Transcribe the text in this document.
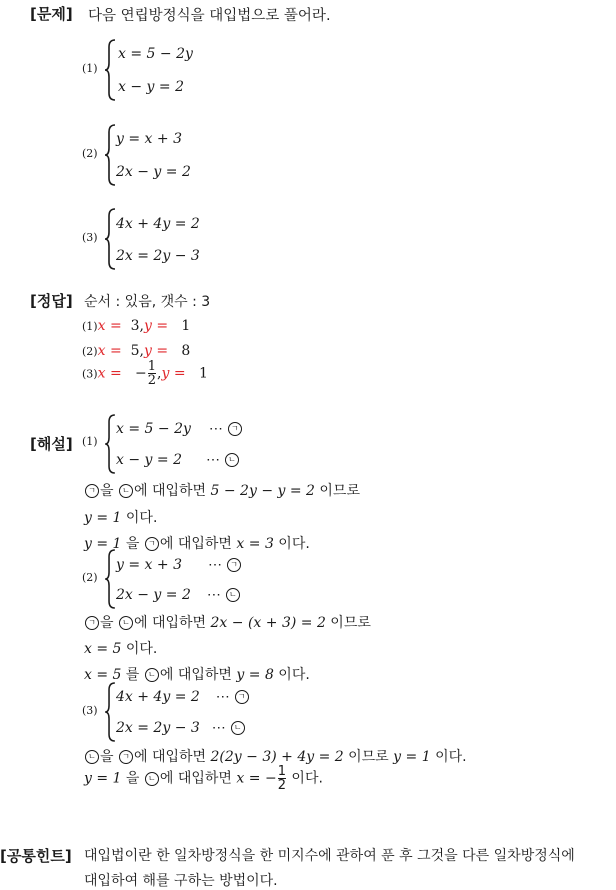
[문제] 다음 연립방정식을 대입법으로 풀어라.
(1)
x = 5 − 2y
x − y = 2
(2)
y = x + 3
2x − y = 2
(3)
4x + 4y = 2
2x = 2y − 3
[정답] 순서 : 있음, 갯수 : 3
(1)x = 3,y = 1
(2)x = 5,y = 8
(3)x = − $\frac{1}{2} ,y = 1$
[해설] (1)
x = 5 − 2y ⋯ ㄱ
x − y = 2 ⋯ ㄴ
ㄱ 을 ㄴ 에 대입하면 5 − 2y − y = 2 이므로
y = 1 이다.
y = 1 을 ㄱ 에 대입하면 x = 3 이다.
(2)
y = x + 3 ⋯ ㄱ
2x − y = 2 ⋯ ㄴ
ㄱ 을 ㄴ 에 대입하면 2x − (x + 3) = 2 이므로
x = 5 이다.
x = 5 를 ㄴ 에 대입하면 y = 8 이다.
(3)
4x + 4y = 2 ⋯ ㄱ
2x = 2y − 3 ⋯ ㄴ
ㄴ 을 ㄱ 에 대입하면 2(2y − 3) + 4y = 2 이므로 y = 1 이다.
y = 1 을 ㄴ 에 대입하면 x = − $\frac{1}{2}$ 이다.
[공통힌트] 대입법이란 한 일차방정식을 한 미지수에 관하여 푼 후 그것을 다른 일차방정식에
대입하여 해를 구하는 방법이다.
